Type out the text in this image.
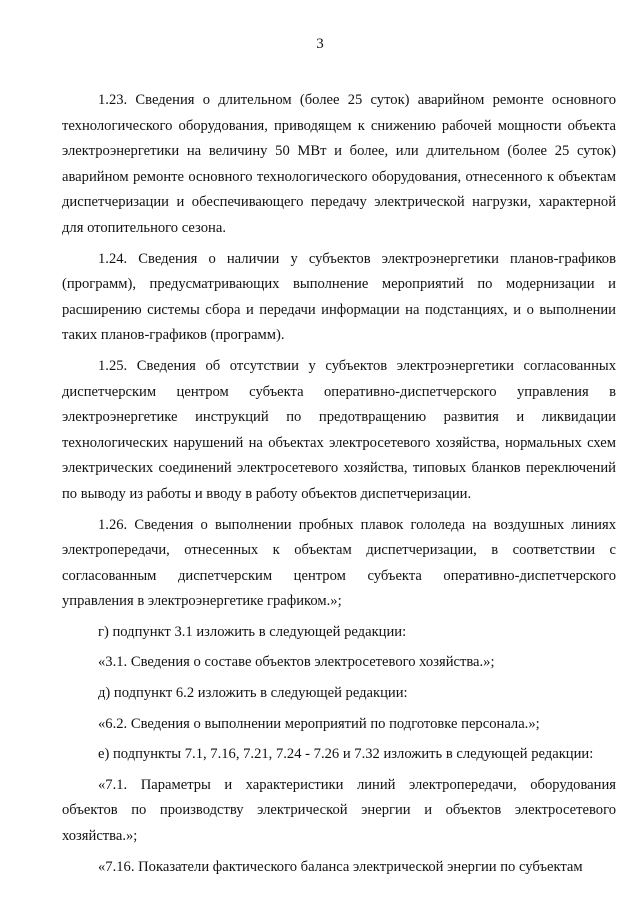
3

1.23. Сведения о длительном (более 25 суток) аварийном ремонте основного технологического оборудования, приводящем к снижению рабочей мощности объекта электроэнергетики на величину 50 МВт и более, или длительном (более 25 суток) аварийном ремонте основного технологического оборудования, отнесенного к объектам диспетчеризации и обеспечивающего передачу электрической нагрузки, характерной для отопительного сезона.

1.24. Сведения о наличии у субъектов электроэнергетики планов-графиков (программ), предусматривающих выполнение мероприятий по модернизации и расширению системы сбора и передачи информации на подстанциях, и о выполнении таких планов-графиков (программ).

1.25. Сведения об отсутствии у субъектов электроэнергетики согласованных диспетчерским центром субъекта оперативно-диспетчерского управления в электроэнергетике инструкций по предотвращению развития и ликвидации технологических нарушений на объектах электросетевого хозяйства, нормальных схем электрических соединений электросетевого хозяйства, типовых бланков переключений по выводу из работы и вводу в работу объектов диспетчеризации.

1.26. Сведения о выполнении пробных плавок гололеда на воздушных линиях электропередачи, отнесенных к объектам диспетчеризации, в соответствии с согласованным диспетчерским центром субъекта оперативно-диспетчерского управления в электроэнергетике графиком.»;

г) подпункт 3.1 изложить в следующей редакции:

«3.1. Сведения о составе объектов электросетевого хозяйства.»;

д) подпункт 6.2 изложить в следующей редакции:

«6.2. Сведения о выполнении мероприятий по подготовке персонала.»;

е) подпункты 7.1, 7.16, 7.21, 7.24 - 7.26 и 7.32 изложить в следующей редакции:

«7.1. Параметры и характеристики линий электропередачи, оборудования объектов по производству электрической энергии и объектов электросетевого хозяйства.»;

«7.16. Показатели фактического баланса электрической энергии по субъектам
